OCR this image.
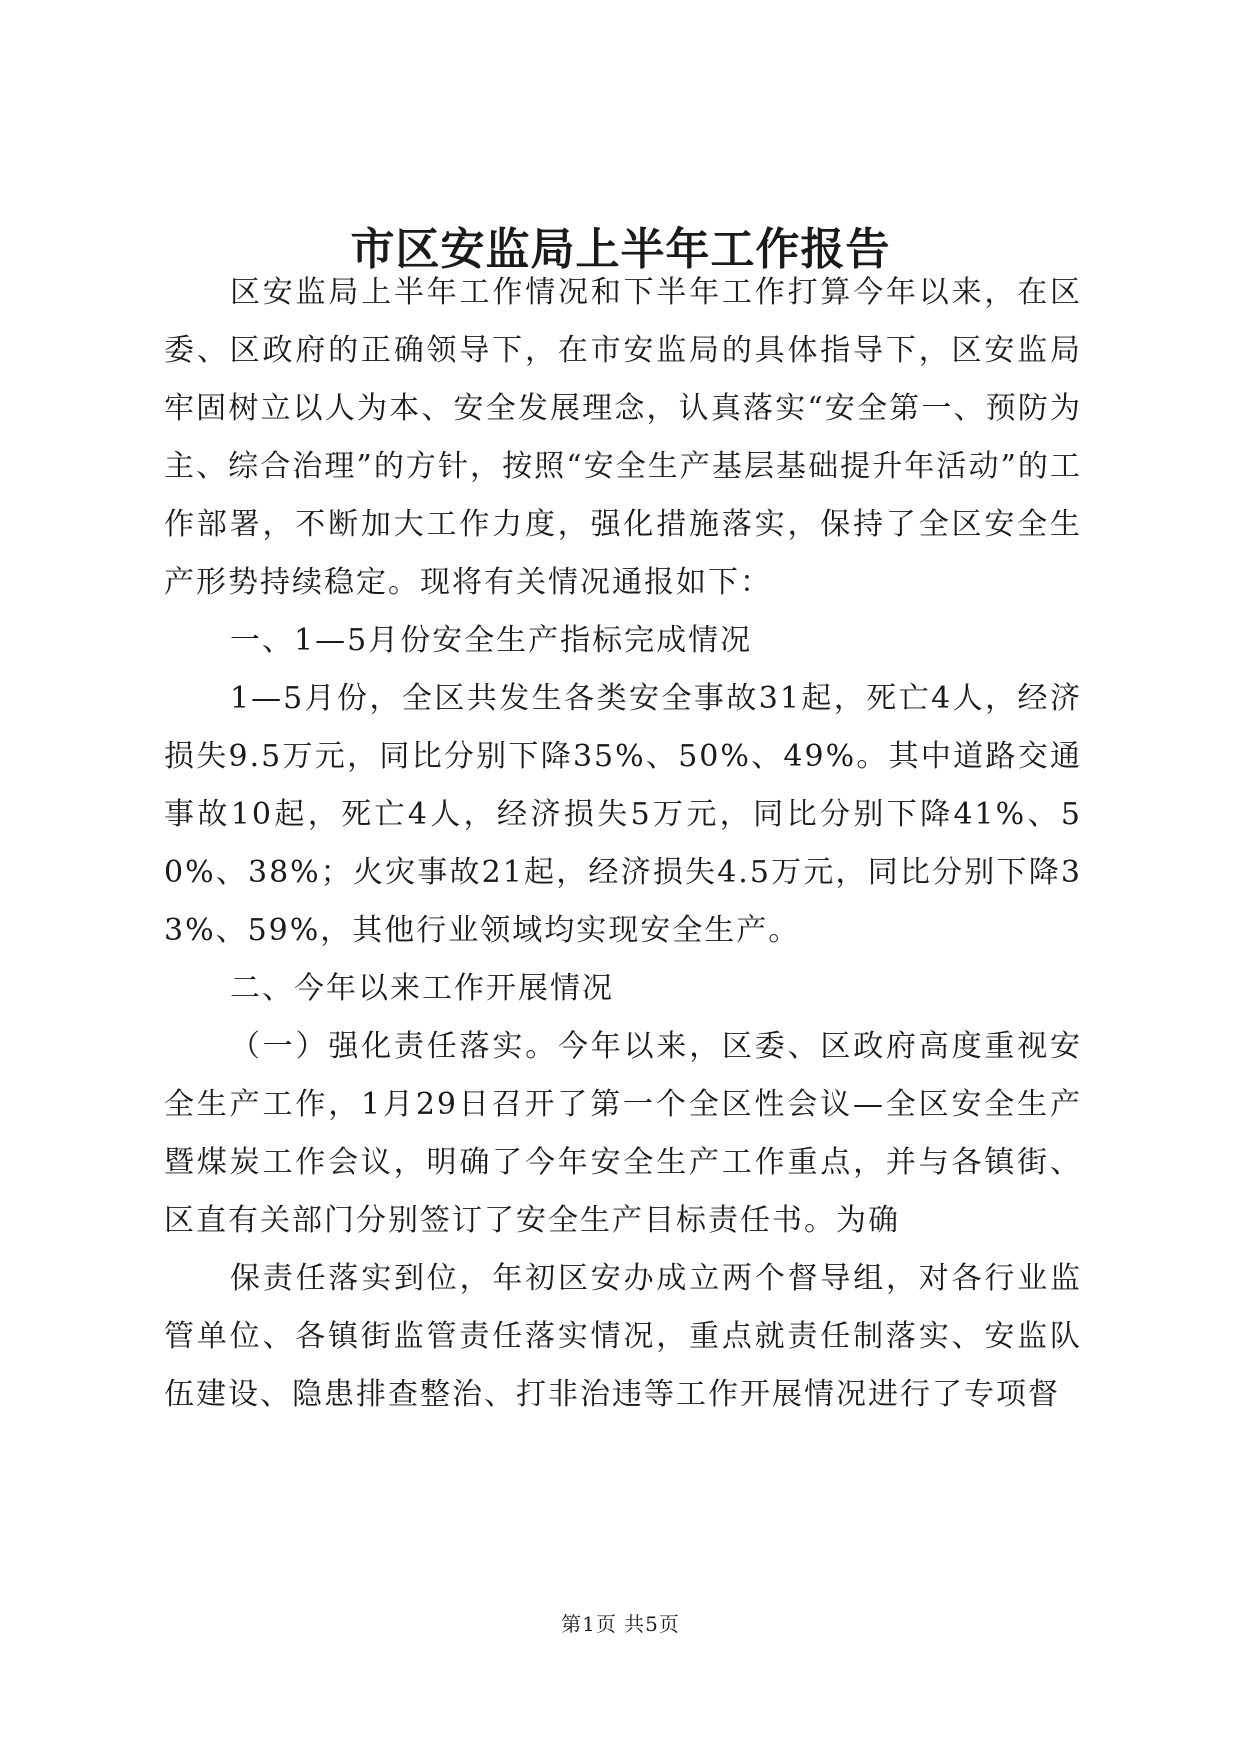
市区安监局上半年工作报告

区安监局上半年工作情况和下半年工作打算今年以来，在区委、区政府的正确领导下，在市安监局的具体指导下，区安监局牢固树立以人为本、安全发展理念，认真落实“安全第一、预防为主、综合治理”的方针，按照“安全生产基层基础提升年活动”的工作部署，不断加大工作力度，强化措施落实，保持了全区安全生产形势持续稳定。现将有关情况通报如下：

一、1—5月份安全生产指标完成情况

1—5月份，全区共发生各类安全事故31起，死亡4人，经济损失9.5万元，同比分别下降35%、50%、49%。其中道路交通事故10起，死亡4人，经济损失5万元，同比分别下降41%、50%、38%；火灾事故21起，经济损失4.5万元，同比分别下降33%、59%，其他行业领域均实现安全生产。

二、今年以来工作开展情况

（一）强化责任落实。今年以来，区委、区政府高度重视安全生产工作，1月29日召开了第一个全区性会议—全区安全生产暨煤炭工作会议，明确了今年安全生产工作重点，并与各镇街、区直有关部门分别签订了安全生产目标责任书。为确

保责任落实到位，年初区安办成立两个督导组，对各行业监管单位、各镇街监管责任落实情况，重点就责任制落实、安监队伍建设、隐患排查整治、打非治违等工作开展情况进行了专项督

第1页 共5页
